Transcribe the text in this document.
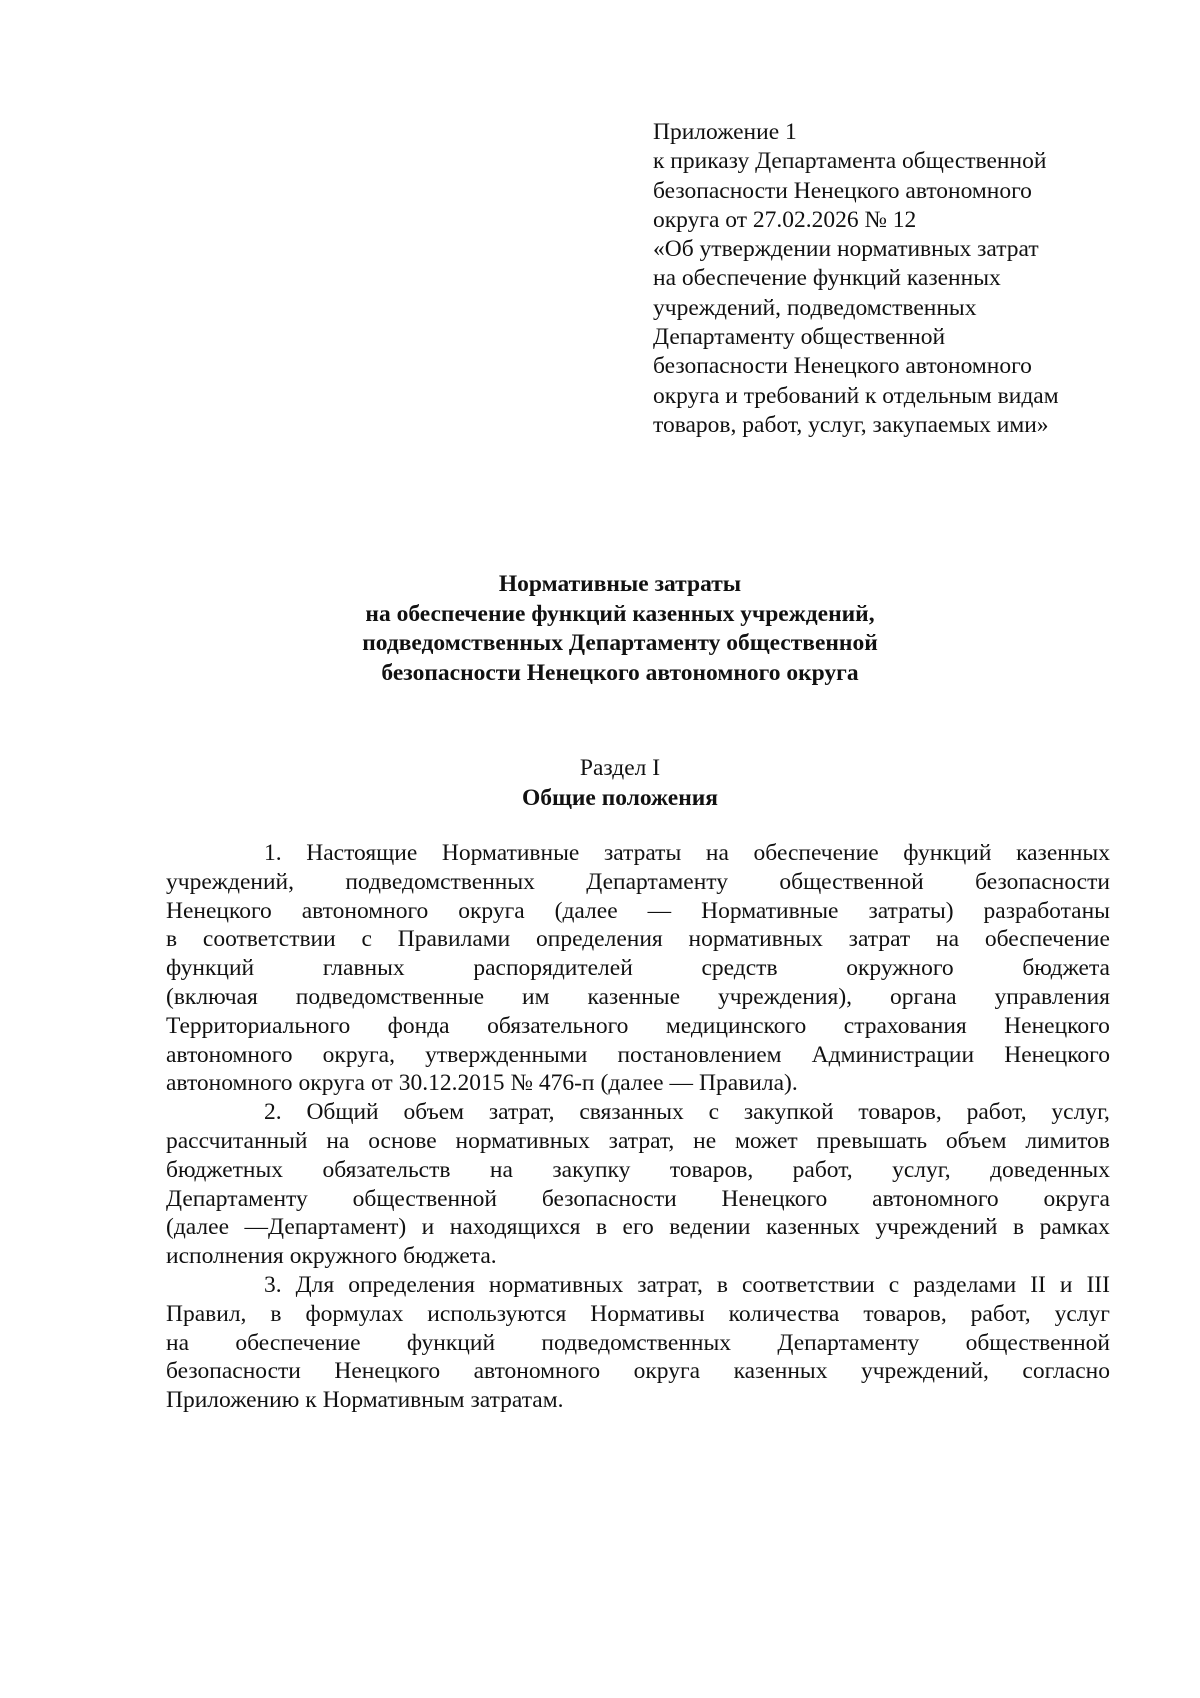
Приложение 1
к приказу Департамента общественной
безопасности Ненецкого автономного
округа от 27.02.2026 № 12
«Об утверждении нормативных затрат
на обеспечение функций казенных
учреждений, подведомственных
Департаменту общественной
безопасности Ненецкого автономного
округа и требований к отдельным видам
товаров, работ, услуг, закупаемых ими»
Нормативные затраты
на обеспечение функций казенных учреждений,
подведомственных Департаменту общественной
безопасности Ненецкого автономного округа
Раздел I
Общие положения
1. Настоящие Нормативные затраты на обеспечение функций казенных
учреждений, подведомственных Департаменту общественной безопасности
Ненецкого автономного округа (далее — Нормативные затраты) разработаны
в соответствии с Правилами определения нормативных затрат на обеспечение
функций	главных	распорядителей	средств	окружного	бюджета
(включая подведомственные им казенные учреждения), органа управления
Территориального фонда обязательного медицинского страхования Ненецкого
автономного округа, утвержденными постановлением Администрации Ненецкого
автономного округа от 30.12.2015 № 476-п (далее — Правила).
2. Общий объем затрат, связанных с закупкой товаров, работ, услуг,
рассчитанный на основе нормативных затрат, не может превышать объем лимитов
бюджетных обязательств на закупку товаров, работ, услуг, доведенных
Департаменту общественной безопасности Ненецкого автономного округа
(далее —Департамент) и находящихся в его ведении казенных учреждений в рамках
исполнения окружного бюджета.
3. Для определения нормативных затрат, в соответствии с разделами II и III
Правил, в формулах используются Нормативы количества товаров, работ, услуг
на обеспечение функций подведомственных Департаменту общественной
безопасности Ненецкого автономного округа казенных учреждений, согласно
Приложению к Нормативным затратам.
